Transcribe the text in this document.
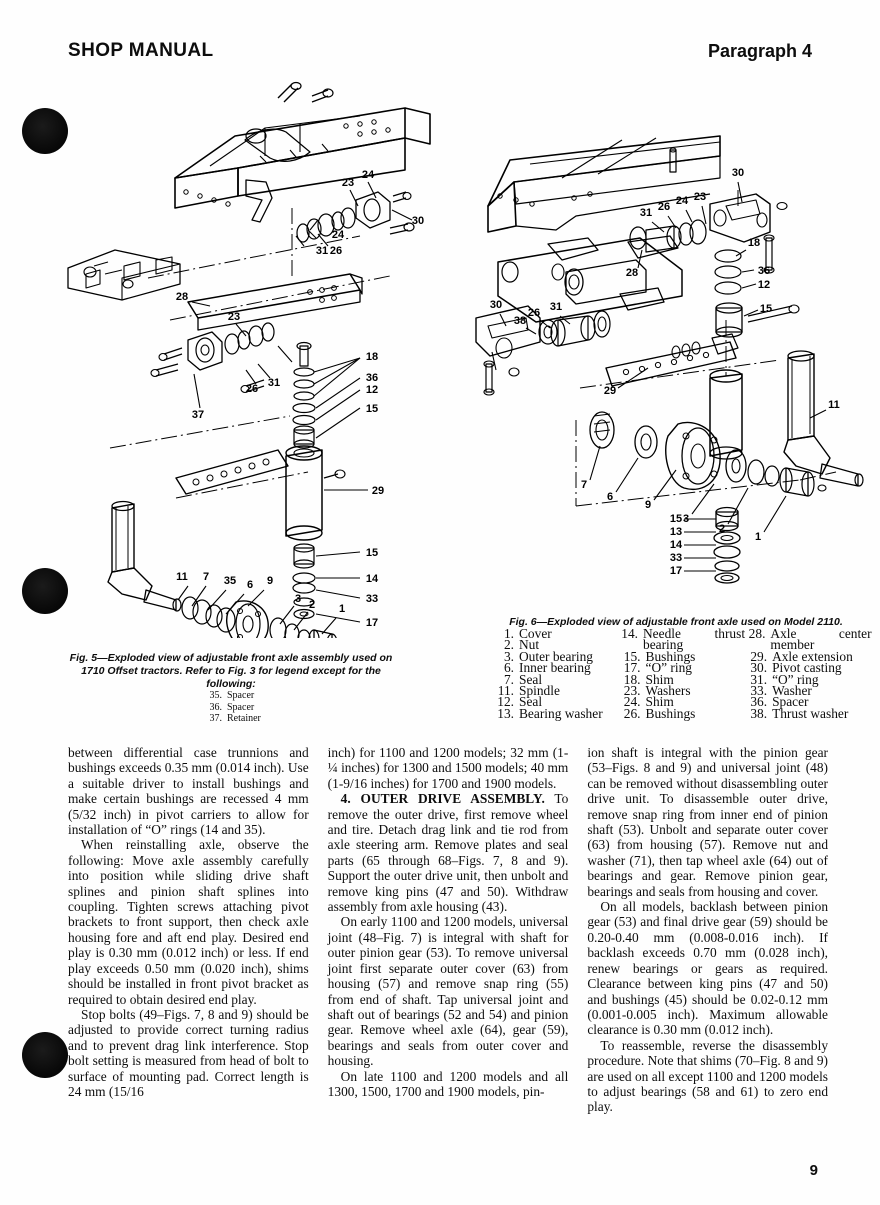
SHOP MANUAL	Paragraph 4
23
24
30
28
23
31 26
24
26 31
37
18
36
12
15
29
15
14
33
17
11 7 35 6 9
3 2 1
30
23
24
26
31
28
18
36
12
15
30
38
26 31
29
15
13
14
33
17
11
7
6
9
3
2
1
Fig. 5—Exploded view of adjustable front axle assembly used on 1710 Offset tractors. Refer to Fig. 3 for legend except for the following:
35. Spacer
36. Spacer
37. Retainer
Fig. 6—Exploded view of adjustable front axle used on Model 2110.
1. Cover
2. Nut
3. Outer bearing
6. Inner bearing
7. Seal
11. Spindle
12. Seal
13. Bearing washer
14. Needle thrust bearing
15. Bushings
17. “O” ring
18. Shim
23. Washers
24. Shim
26. Bushings
28. Axle center member
29. Axle extension
30. Pivot casting
31. “O” ring
33. Washer
36. Spacer
38. Thrust washer

between differential case trunnions and bushings exceeds 0.35 mm (0.014 inch). Use a suitable driver to install bushings and make certain bushings are recessed 4 mm (5/32 inch) in pivot carriers to allow for installation of “O” rings (14 and 35).

When reinstalling axle, observe the following: Move axle assembly carefully into position while sliding drive shaft splines and pinion shaft splines into coupling. Tighten screws attaching pivot brackets to front support, then check axle housing fore and aft end play. Desired end play is 0.30 mm (0.012 inch) or less. If end play exceeds 0.50 mm (0.020 inch), shims should be installed in front pivot bracket as required to obtain desired end play.

Stop bolts (49–Figs. 7, 8 and 9) should be adjusted to provide correct turning radius and to prevent drag link interference. Stop bolt setting is measured from head of bolt to surface of mounting pad. Correct length is 24 mm (15/16

inch) for 1100 and 1200 models; 32 mm (1-¼ inches) for 1300 and 1500 models; 40 mm (1-9/16 inches) for 1700 and 1900 models.

4. OUTER DRIVE ASSEMBLY. To remove the outer drive, first remove wheel and tire. Detach drag link and tie rod from axle steering arm. Remove plates and seal parts (65 through 68–Figs. 7, 8 and 9). Support the outer drive unit, then unbolt and remove king pins (47 and 50). Withdraw assembly from axle housing (43).

On early 1100 and 1200 models, universal joint (48–Fig. 7) is integral with shaft for outer pinion gear (53). To remove universal joint first separate outer cover (63) from housing (57) and remove snap ring (55) from end of shaft. Tap universal joint and shaft out of bearings (52 and 54) and pinion gear. Remove wheel axle (64), gear (59), bearings and seals from outer cover and housing.

On late 1100 and 1200 models and all 1300, 1500, 1700 and 1900 models, pin-

ion shaft is integral with the pinion gear (53–Figs. 8 and 9) and universal joint (48) can be removed without disassembling outer drive unit. To disassemble outer drive, remove snap ring from inner end of pinion shaft (53). Unbolt and separate outer cover (63) from housing (57). Remove nut and washer (71), then tap wheel axle (64) out of bearings and gear. Remove pinion gear, bearings and seals from housing and cover.

On all models, backlash between pinion gear (53) and final drive gear (59) should be 0.20-0.40 mm (0.008-0.016 inch). If backlash exceeds 0.70 mm (0.028 inch), renew bearings or gears as required. Clearance between king pins (47 and 50) and bushings (45) should be 0.02-0.12 mm (0.001-0.005 inch). Maximum allowable clearance is 0.30 mm (0.012 inch).

To reassemble, reverse the disassembly procedure. Note that shims (70–Fig. 8 and 9) are used on all except 1100 and 1200 models to adjust bearings (58 and 61) to zero end play.

9
